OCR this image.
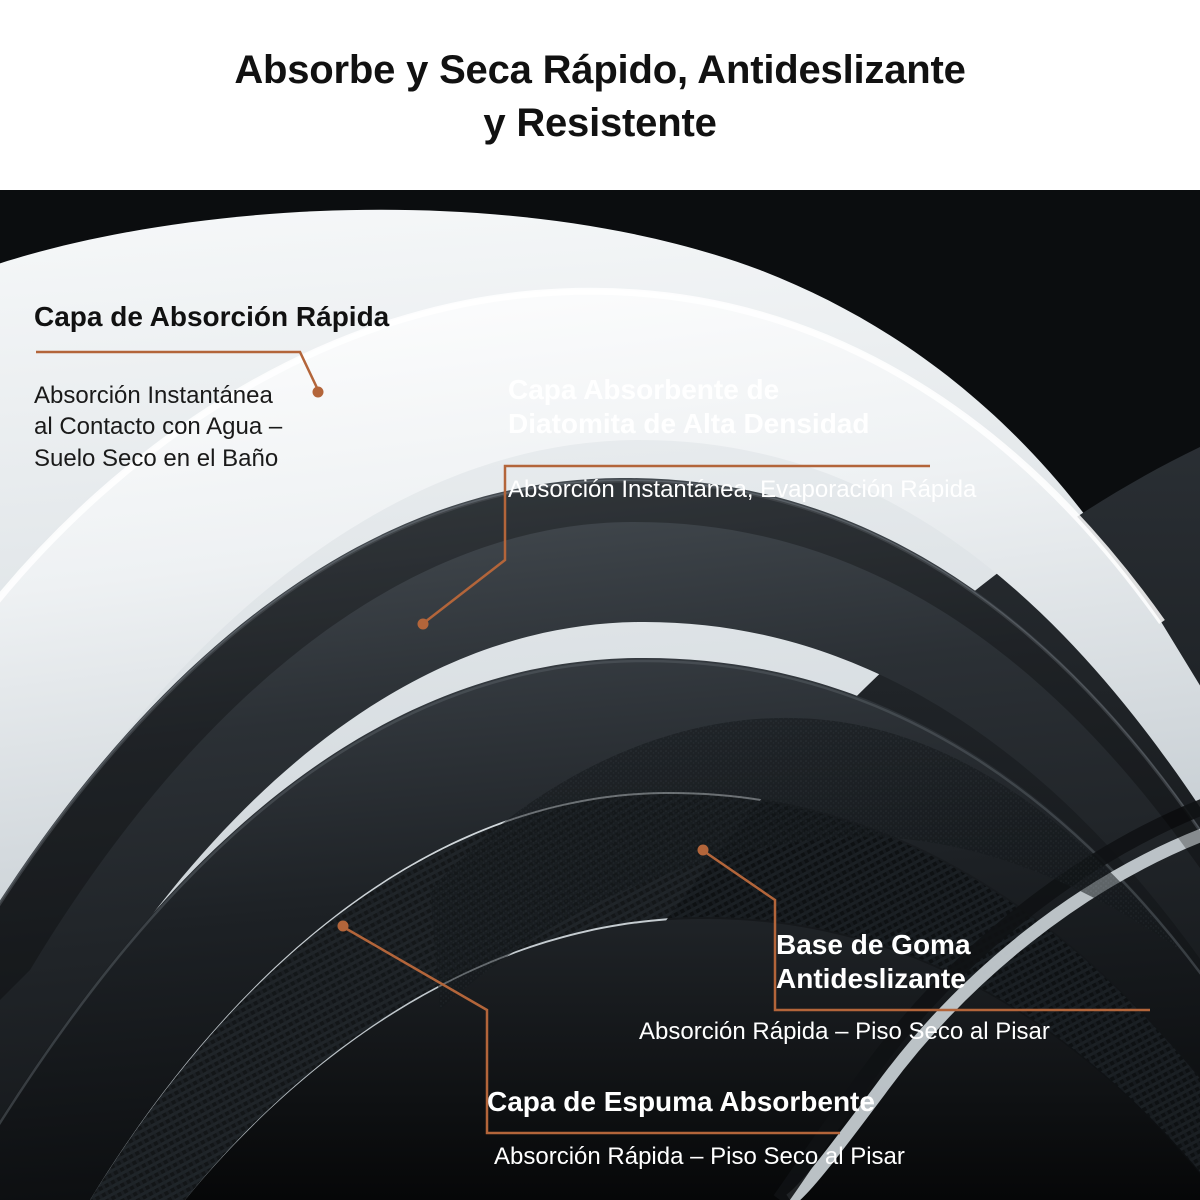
Absorbe y Seca Rápido, Antideslizante
y Resistente
Capa de Absorción Rápida
Absorción Instantánea
al Contacto con Agua –
Suelo Seco en el Baño
Capa Absorbente de
Diatomita de Alta Densidad
Absorción Instantánea, Evaporación Rápida
Base de Goma
Antideslizante
Absorción Rápida – Piso Seco al Pisar
Capa de Espuma Absorbente
Absorción Rápida – Piso Seco al Pisar
